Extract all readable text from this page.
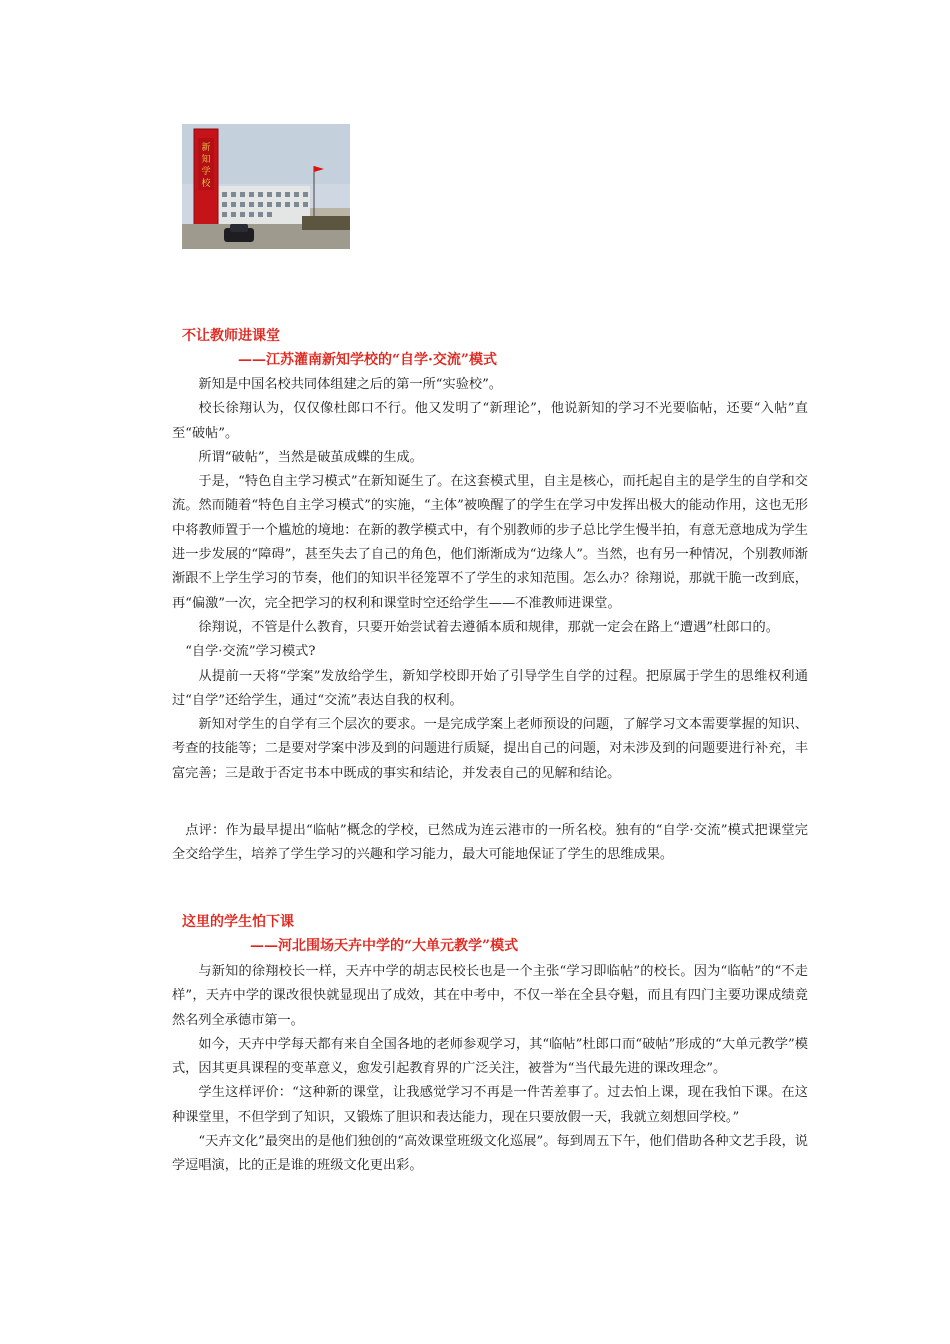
新
知
学
校
不让教师进课堂
——江苏灌南新知学校的“自学·交流”模式

新知是中国名校共同体组建之后的第一所“实验校”。

校长徐翔认为，仅仅像杜郎口不行。他又发明了“新理论”，他说新知的学习不光要临帖，还要“入帖”直至“破帖”。

所谓“破帖”，当然是破茧成蝶的生成。

于是，“特色自主学习模式”在新知诞生了。在这套模式里，自主是核心，而托起自主的是学生的自学和交流。然而随着“特色自主学习模式”的实施，“主体”被唤醒了的学生在学习中发挥出极大的能动作用，这也无形中将教师置于一个尴尬的境地：在新的教学模式中，有个别教师的步子总比学生慢半拍，有意无意地成为学生进一步发展的“障碍”，甚至失去了自己的角色，他们渐渐成为“边缘人”。当然，也有另一种情况，个别教师渐渐跟不上学生学习的节奏，他们的知识半径笼罩不了学生的求知范围。怎么办？徐翔说，那就干脆一改到底，再“偏激”一次，完全把学习的权利和课堂时空还给学生——不准教师进课堂。

徐翔说，不管是什么教育，只要开始尝试着去遵循本质和规律，那就一定会在路上“遭遇”杜郎口的。

“自学·交流”学习模式?

从提前一天将“学案”发放给学生，新知学校即开始了引导学生自学的过程。把原属于学生的思维权利通过“自学”还给学生，通过“交流”表达自我的权利。

新知对学生的自学有三个层次的要求。一是完成学案上老师预设的问题，了解学习文本需要掌握的知识、考查的技能等；二是要对学案中涉及到的问题进行质疑，提出自己的问题，对未涉及到的问题要进行补充，丰富完善；三是敢于否定书本中既成的事实和结论，并发表自己的见解和结论。

点评：作为最早提出“临帖”概念的学校，已然成为连云港市的一所名校。独有的“自学·交流”模式把课堂完全交给学生，培养了学生学习的兴趣和学习能力，最大可能地保证了学生的思维成果。

这里的学生怕下课
——河北围场天卉中学的“大单元教学”模式

与新知的徐翔校长一样，天卉中学的胡志民校长也是一个主张“学习即临帖”的校长。因为“临帖”的“不走样”，天卉中学的课改很快就显现出了成效，其在中考中，不仅一举在全县夺魁，而且有四门主要功课成绩竟然名列全承德市第一。

如今，天卉中学每天都有来自全国各地的老师参观学习，其“临帖”杜郎口而“破帖”形成的“大单元教学”模式，因其更具课程的变革意义，愈发引起教育界的广泛关注，被誉为“当代最先进的课改理念”。

学生这样评价：“这种新的课堂，让我感觉学习不再是一件苦差事了。过去怕上课，现在我怕下课。在这种课堂里，不但学到了知识，又锻炼了胆识和表达能力，现在只要放假一天，我就立刻想回学校。”

“天卉文化”最突出的是他们独创的“高效课堂班级文化巡展”。每到周五下午，他们借助各种文艺手段，说学逗唱演，比的正是谁的班级文化更出彩。
